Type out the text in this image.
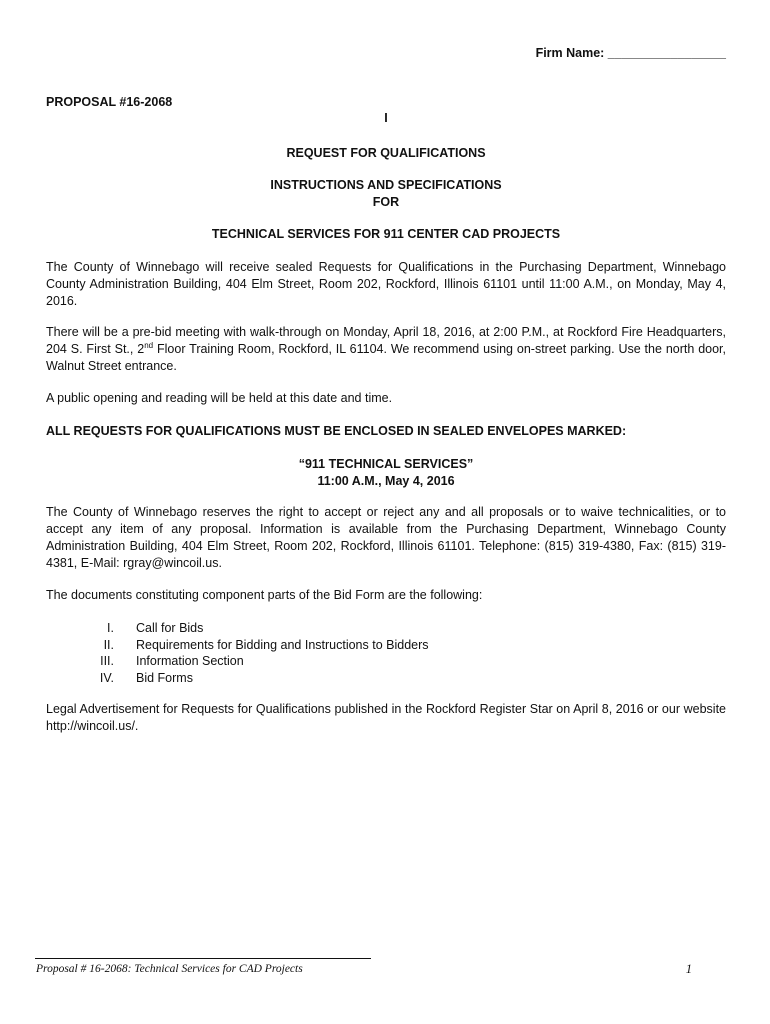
Firm Name: _________________
PROPOSAL #16-2068
I
REQUEST FOR QUALIFICATIONS
INSTRUCTIONS AND SPECIFICATIONS
FOR
TECHNICAL SERVICES FOR 911 CENTER CAD PROJECTS
The County of Winnebago will receive sealed Requests for Qualifications in the Purchasing Department, Winnebago County Administration Building, 404 Elm Street, Room 202, Rockford, Illinois 61101 until 11:00 A.M., on Monday, May 4, 2016.
There will be a pre-bid meeting with walk-through on Monday, April 18, 2016, at 2:00 P.M., at Rockford Fire Headquarters, 204 S. First St., 2nd Floor Training Room, Rockford, IL 61104. We recommend using on-street parking. Use the north door, Walnut Street entrance.
A public opening and reading will be held at this date and time.
ALL REQUESTS FOR QUALIFICATIONS MUST BE ENCLOSED IN SEALED ENVELOPES MARKED:
“911 TECHNICAL SERVICES”
11:00 A.M., May 4, 2016
The County of Winnebago reserves the right to accept or reject any and all proposals or to waive technicalities, or to accept any item of any proposal. Information is available from the Purchasing Department, Winnebago County Administration Building, 404 Elm Street, Room 202, Rockford, Illinois 61101. Telephone: (815) 319-4380, Fax: (815) 319-4381, E-Mail: rgray@wincoil.us.
The documents constituting component parts of the Bid Form are the following:
I.	Call for Bids
II.	Requirements for Bidding and Instructions to Bidders
III.	Information Section
IV.	Bid Forms
Legal Advertisement for Requests for Qualifications published in the Rockford Register Star on April 8, 2016 or our website http://wincoil.us/.
Proposal # 16-2068: Technical Services for CAD Projects	1
